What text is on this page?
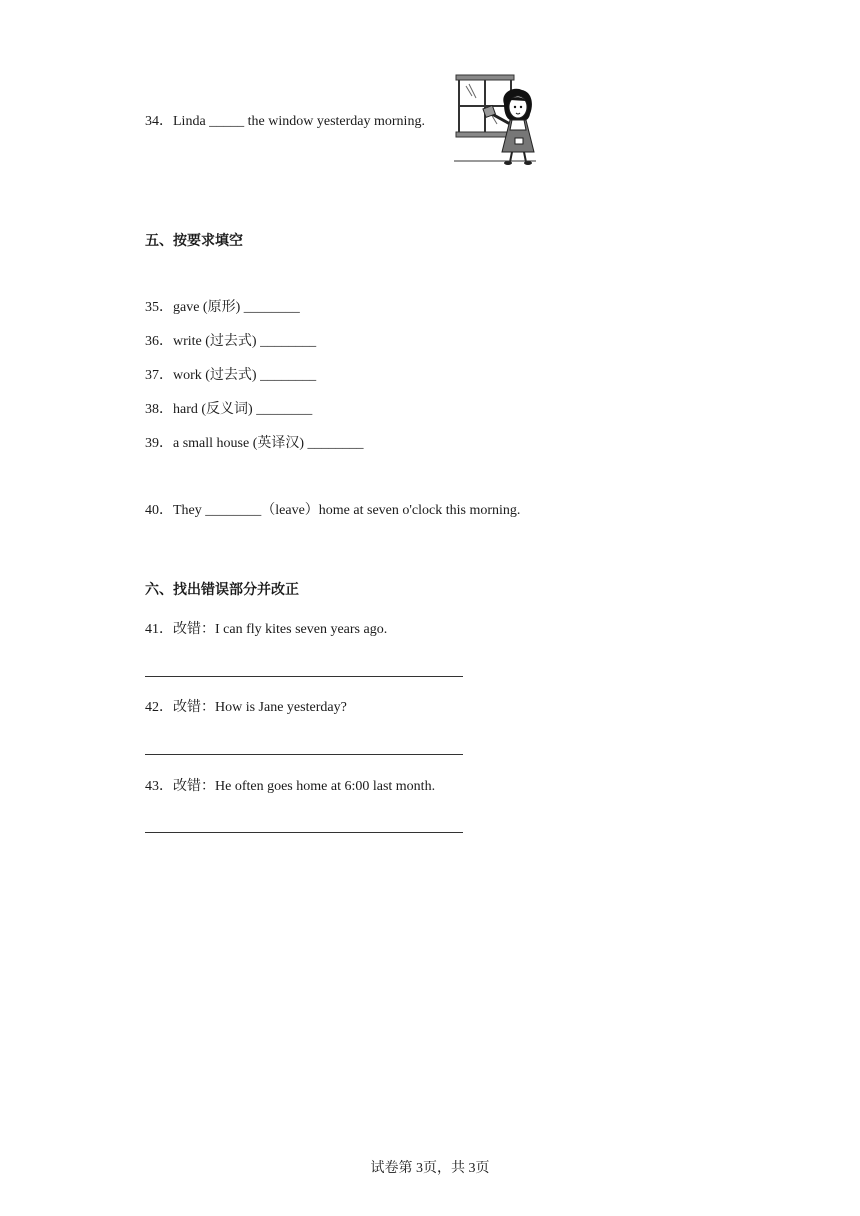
34．Linda _____ the window yesterday morning.
五、按要求填空
35．gave (原形) ________
36．write (过去式) ________
37．work (过去式) ________
38．hard (反义词) ________
39．a small house (英译汉) ________
40．They ________（leave）home at seven o'clock this morning.
六、找出错误部分并改正
41．改错：I can fly kites seven years ago.
42．改错：How is Jane yesterday?
43．改错：He often goes home at 6:00 last month.
试卷第 3页，共 3页
